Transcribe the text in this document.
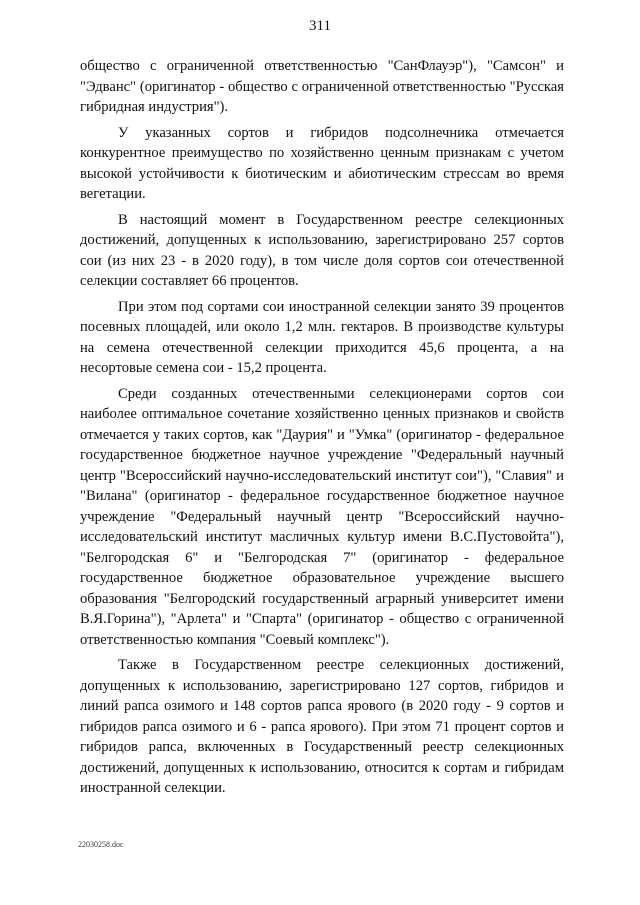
311

общество с ограниченной ответственностью "СанФлауэр"), "Самсон" и "Эдванс" (оригинатор - общество с ограниченной ответственностью "Русская гибридная индустрия").

У указанных сортов и гибридов подсолнечника отмечается конкурентное преимущество по хозяйственно ценным признакам с учетом высокой устойчивости к биотическим и абиотическим стрессам во время вегетации.

В настоящий момент в Государственном реестре селекционных достижений, допущенных к использованию, зарегистрировано 257 сортов сои (из них 23 - в 2020 году), в том числе доля сортов сои отечественной селекции составляет 66 процентов.

При этом под сортами сои иностранной селекции занято 39 процентов посевных площадей, или около 1,2 млн. гектаров. В производстве культуры на семена отечественной селекции приходится 45,6 процента, а на несортовые семена сои - 15,2 процента.

Среди созданных отечественными селекционерами сортов сои наиболее оптимальное сочетание хозяйственно ценных признаков и свойств отмечается у таких сортов, как "Даурия" и "Умка" (оригинатор - федеральное государственное бюджетное научное учреждение "Федеральный научный центр "Всероссийский научно-исследовательский институт сои"), "Славия" и "Вилана" (оригинатор - федеральное государственное бюджетное научное учреждение "Федеральный научный центр "Всероссийский научно-исследовательский институт масличных культур имени В.С.Пустовойта"), "Белгородская 6" и "Белгородская 7" (оригинатор - федеральное государственное бюджетное образовательное учреждение высшего образования "Белгородский государственный аграрный университет имени В.Я.Горина"), "Арлета" и "Спарта" (оригинатор - общество с ограниченной ответственностью компания "Соевый комплекс").

Также в Государственном реестре селекционных достижений, допущенных к использованию, зарегистрировано 127 сортов, гибридов и линий рапса озимого и 148 сортов рапса ярового (в 2020 году - 9 сортов и гибридов рапса озимого и 6 - рапса ярового). При этом 71 процент сортов и гибридов рапса, включенных в Государственный реестр селекционных достижений, допущенных к использованию, относится к сортам и гибридам иностранной селекции.

22030258.doc
